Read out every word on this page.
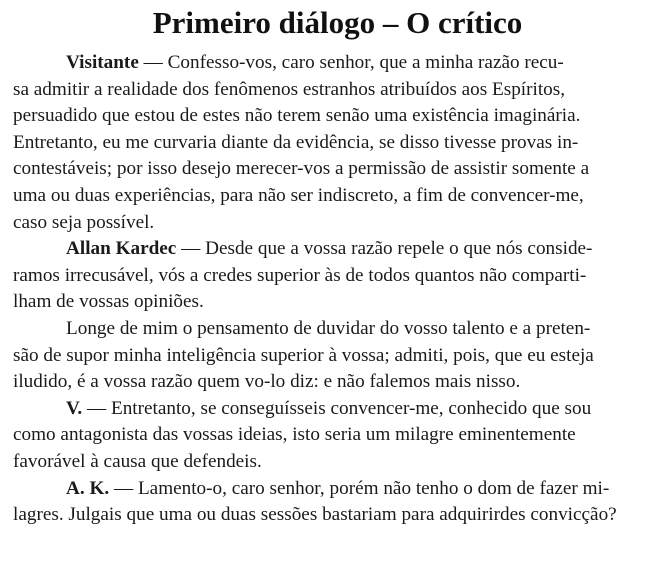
Primeiro diálogo – O crítico

Visitante — Confesso-vos, caro senhor, que a minha razão recu-

sa admitir a realidade dos fenômenos estranhos atribuídos aos Espíritos,

persuadido que estou de estes não terem senão uma existência imaginária.

Entretanto, eu me curvaria diante da evidência, se disso tivesse provas in-

contestáveis; por isso desejo merecer-vos a permissão de assistir somente a

uma ou duas experiências, para não ser indiscreto, a fim de convencer-me,

caso seja possível.

Allan Kardec — Desde que a vossa razão repele o que nós conside-

ramos irrecusável, vós a credes superior às de todos quantos não comparti-

lham de vossas opiniões.

Longe de mim o pensamento de duvidar do vosso talento e a preten-

são de supor minha inteligência superior à vossa; admiti, pois, que eu esteja

iludido, é a vossa razão quem vo-lo diz: e não falemos mais nisso.

V. — Entretanto, se conseguísseis convencer-me, conhecido que sou

como antagonista das vossas ideias, isto seria um milagre eminentemente

favorável à causa que defendeis.

A. K. — Lamento-o, caro senhor, porém não tenho o dom de fazer mi-

lagres. Julgais que uma ou duas sessões bastariam para adquirirdes convicção?
